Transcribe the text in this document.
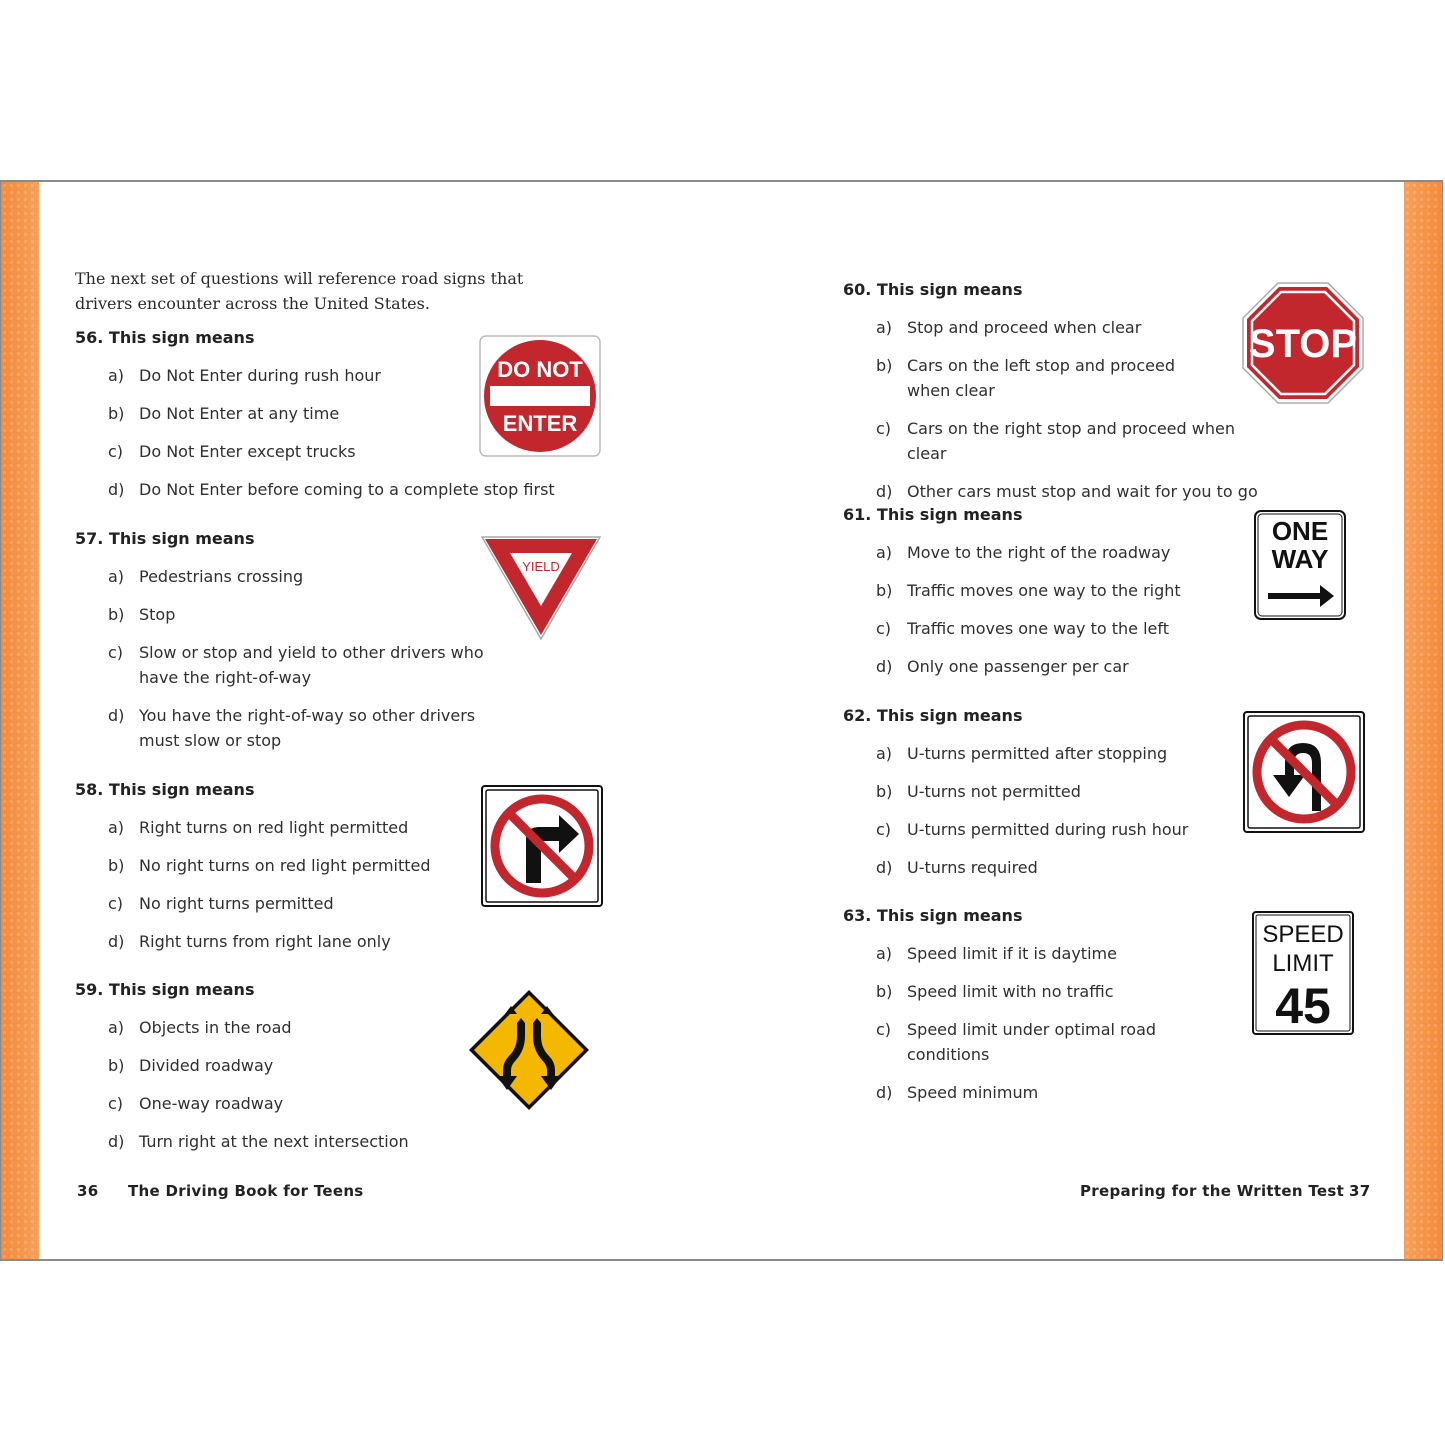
The next set of questions will reference road signs that drivers encounter across the United States.
56. This sign means
a) Do Not Enter during rush hour
b) Do Not Enter at any time
c) Do Not Enter except trucks
d) Do Not Enter before coming to a complete stop first
57. This sign means
a) Pedestrians crossing
b) Stop
c) Slow or stop and yield to other drivers who have the right-of-way
d) You have the right-of-way so other drivers must slow or stop
58. This sign means
a) Right turns on red light permitted
b) No right turns on red light permitted
c) No right turns permitted
d) Right turns from right lane only
59. This sign means
a) Objects in the road
b) Divided roadway
c) One-way roadway
d) Turn right at the next intersection
DO NOT
ENTER
YIELD
36 The Driving Book for Teens
60. This sign means
a) Stop and proceed when clear
b) Cars on the left stop and proceed when clear
c) Cars on the right stop and proceed when clear
d) Other cars must stop and wait for you to go
61. This sign means
a) Move to the right of the roadway
b) Traffic moves one way to the right
c) Traffic moves one way to the left
d) Only one passenger per car
62. This sign means
a) U-turns permitted after stopping
b) U-turns not permitted
c) U-turns permitted during rush hour
d) U-turns required
63. This sign means
a) Speed limit if it is daytime
b) Speed limit with no traffic
c) Speed limit under optimal road conditions
d) Speed minimum
STOP
ONE
WAY
SPEED
LIMIT
45
Preparing for the Written Test 37
